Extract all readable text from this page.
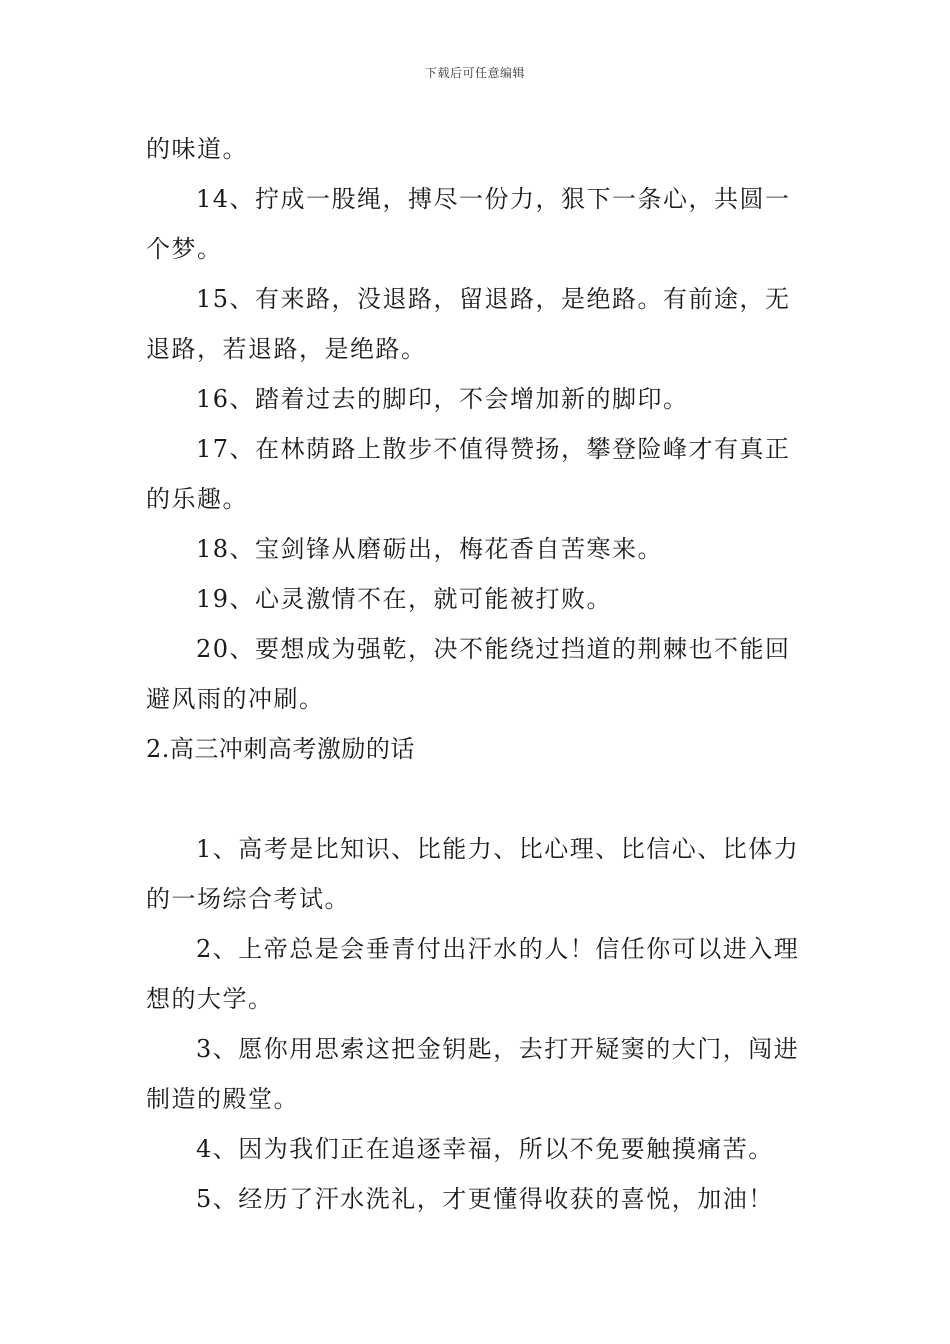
下载后可任意编辑
的味道。
14、拧成一股绳，搏尽一份力，狠下一条心，共圆一
个梦。
15、有来路，没退路，留退路，是绝路。有前途，无
退路，若退路，是绝路。
16、踏着过去的脚印，不会增加新的脚印。
17、在林荫路上散步不值得赞扬，攀登险峰才有真正
的乐趣。
18、宝剑锋从磨砺出，梅花香自苦寒来。
19、心灵激情不在，就可能被打败。
20、要想成为强乾，决不能绕过挡道的荆棘也不能回
避风雨的冲刷。
2.高三冲刺高考激励的话
1、高考是比知识、比能力、比心理、比信心、比体力
的一场综合考试。
2、上帝总是会垂青付出汗水的人！信任你可以进入理
想的大学。
3、愿你用思索这把金钥匙，去打开疑窦的大门，闯进
制造的殿堂。
4、因为我们正在追逐幸福，所以不免要触摸痛苦。
5、经历了汗水洗礼，才更懂得收获的喜悦，加油！
